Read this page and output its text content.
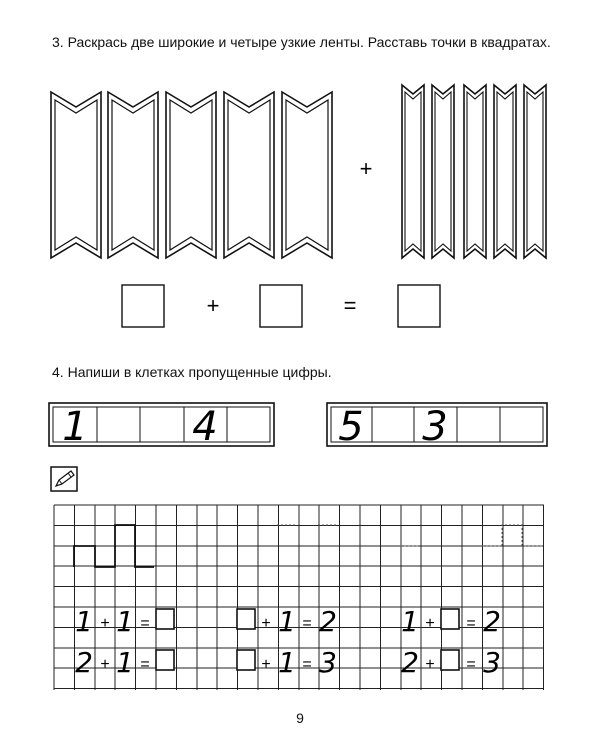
3. Раскрась две широкие и четыре узкие ленты. Расставь точки в квадратах.
4. Напиши в клетках пропущенные цифры.
+
+	=
1	4	5 3
1 + 1 =	+ 1 = 2 1 + = 2
2 + 1 =	+ 1 = 3 2 + = 3
9
